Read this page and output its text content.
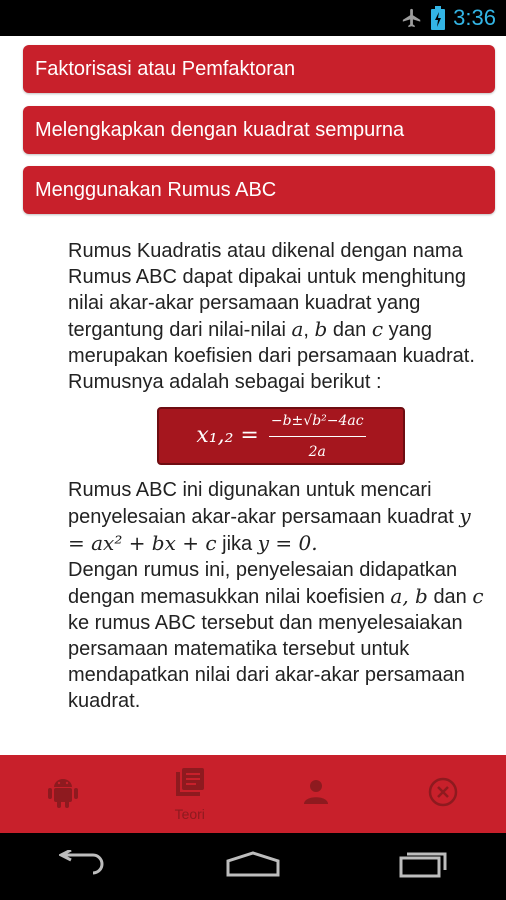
3:36
Faktorisasi atau Pemfaktoran
Melengkapkan dengan kuadrat sempurna
Menggunakan Rumus ABC

Rumus Kuadratis atau dikenal dengan nama Rumus ABC dapat dipakai untuk menghitung nilai akar-akar persamaan kuadrat yang tergantung dari nilai-nilai a, b dan c yang merupakan koefisien dari persamaan kuadrat.

Rumusnya adalah sebagai berikut :

$x_1,_2 = \frac{\text{−b±√b²−4ac}}{2a}$

Rumus ABC ini digunakan untuk mencari penyelesaian akar-akar persamaan kuadrat y = ax² + bx + c jika y = 0.

Dengan rumus ini, penyelesaian didapatkan dengan memasukkan nilai koefisien a, b dan c ke rumus ABC tersebut dan menyelesaiakan persamaan matematika tersebut untuk mendapatkan nilai dari akar-akar persamaan kuadrat.

Teori
